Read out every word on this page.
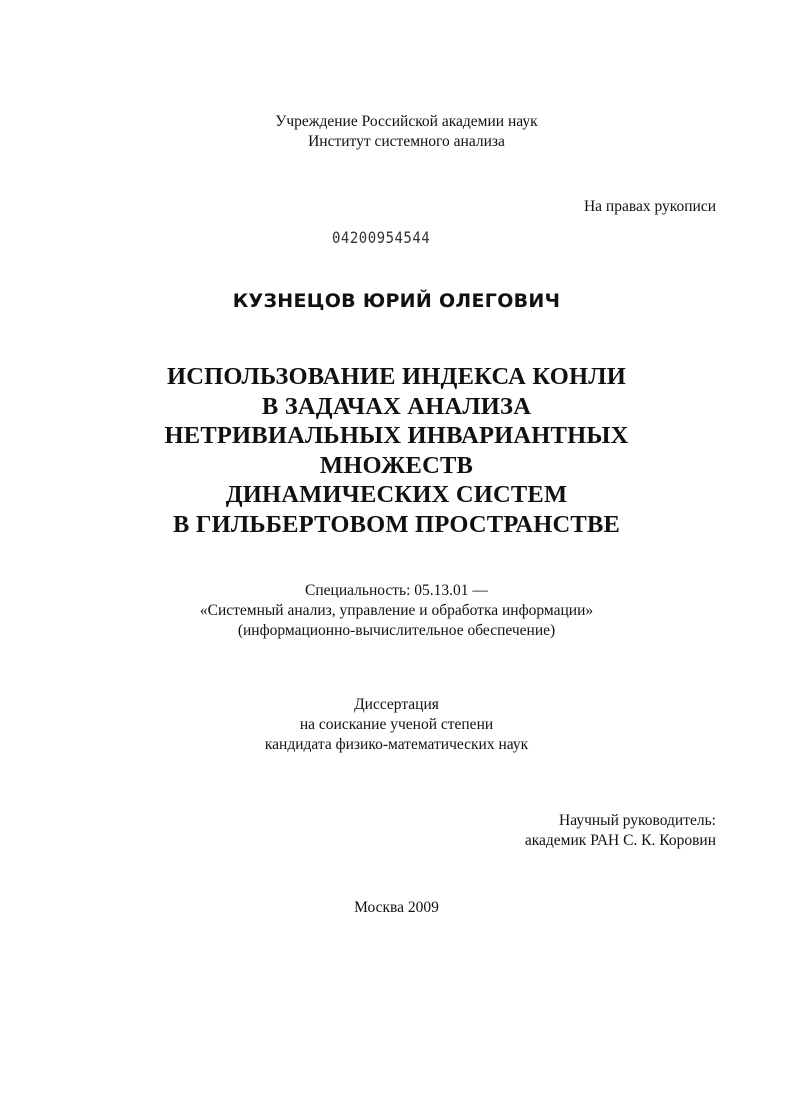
Учреждение Российской академии наук
Институт системного анализа
На правах рукописи
04200954544
КУЗНЕЦОВ ЮРИЙ ОЛЕГОВИЧ
ИСПОЛЬЗОВАНИЕ ИНДЕКСА КОНЛИ
В ЗАДАЧАХ АНАЛИЗА
НЕТРИВИАЛЬНЫХ ИНВАРИАНТНЫХ
МНОЖЕСТВ
ДИНАМИЧЕСКИХ СИСТЕМ
В ГИЛЬБЕРТОВОМ ПРОСТРАНСТВЕ
Специальность: 05.13.01 —
«Системный анализ, управление и обработка информации»
(информационно-вычислительное обеспечение)
Диссертация
на соискание ученой степени
кандидата физико-математических наук
Научный руководитель:
академик РАН С. К. Коровин
Москва 2009
